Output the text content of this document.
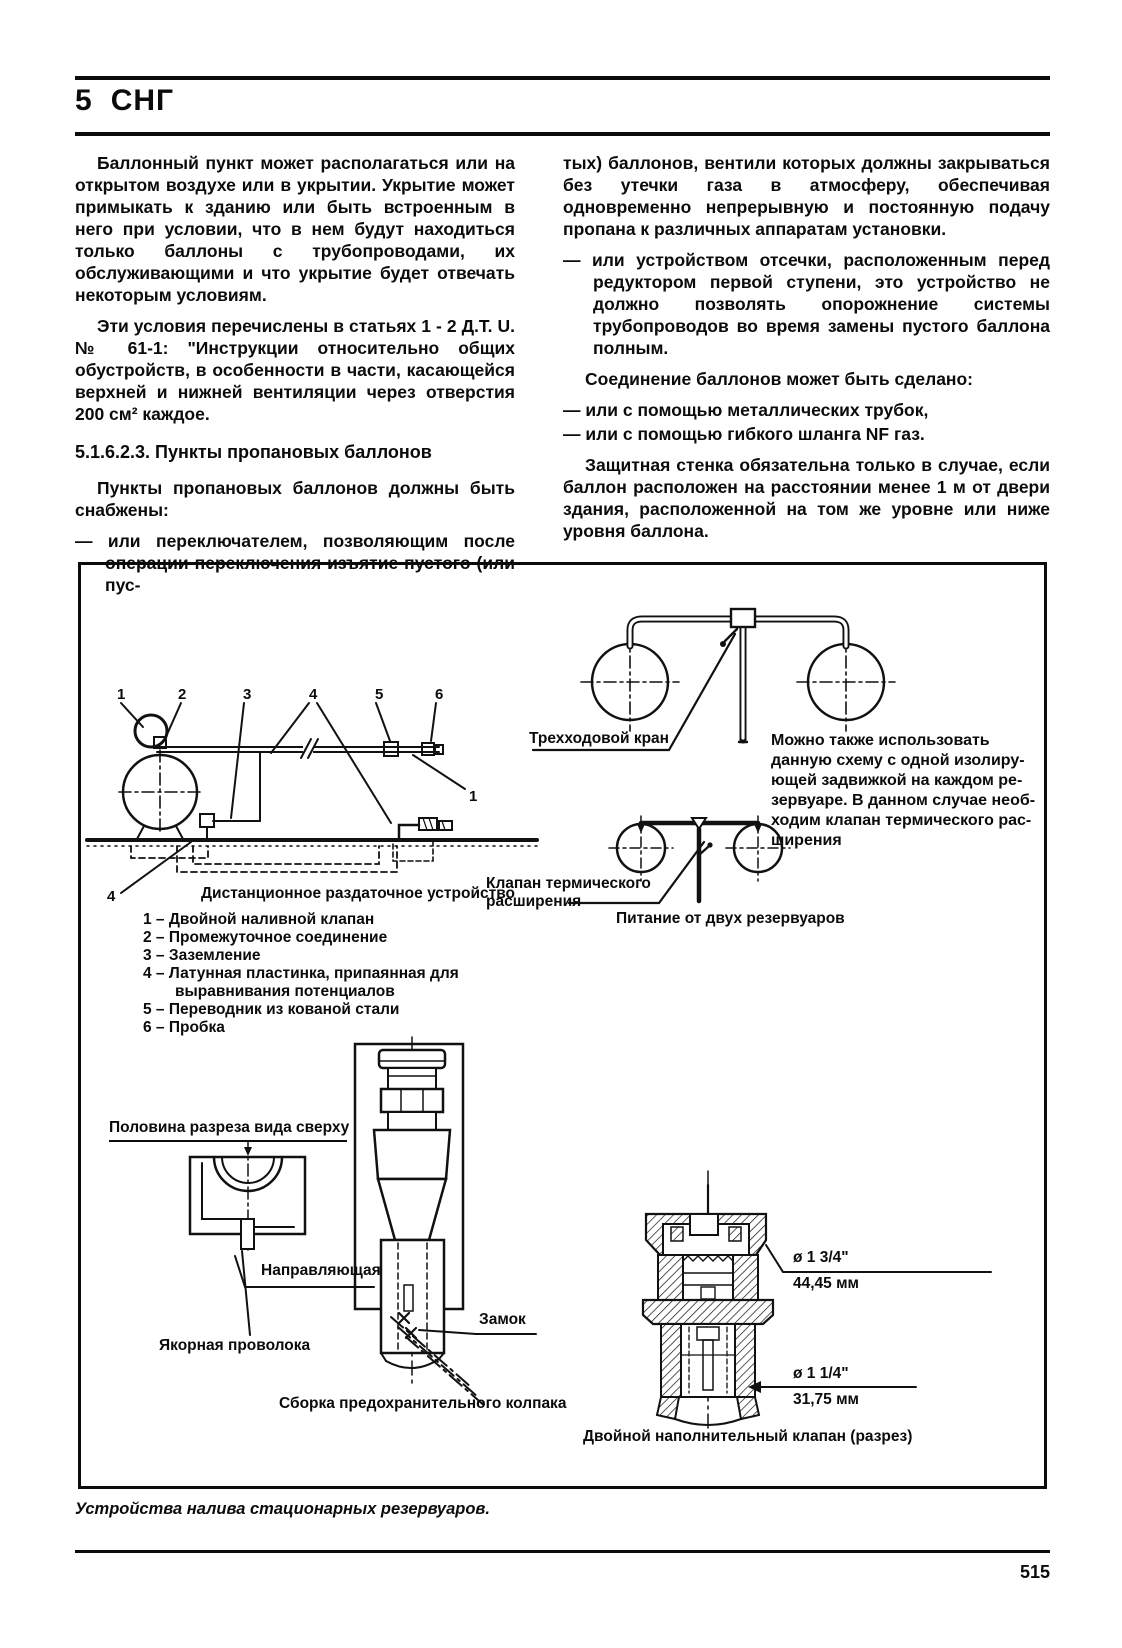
5 СНГ

Баллонный пункт может располагаться или на открытом воздухе или в укрытии. Укрытие может примыкать к зданию или быть встроенным в него при условии, что в нем будут находиться только баллоны с трубопроводами, их обслуживающими и что укрытие будет отвечать некоторым условиям.

Эти условия перечислены в статьях 1 - 2 Д.Т. U. № 61-1: "Инструкции относительно общих обустройств, в особенности в части, касающейся верхней и нижней вентиляции через отверстия 200 см² каждое.

5.1.6.2.3. Пункты пропановых баллонов

Пункты пропановых баллонов должны быть снабжены:

— или переключателем, позволяющим после операции переключения изъятие пустого (или пус-

тых) баллонов, вентили которых должны закрываться без утечки газа в атмосферу, обеспечивая одновременно непрерывную и постоянную подачу пропана к различных аппаратам установки.

— или устройством отсечки, расположенным перед редуктором первой ступени, это устройство не должно позволять опорожнение системы трубопроводов во время замены пустого баллона полным.

Соединение баллонов может быть сделано:

— или с помощью металлических трубок,

— или с помощью гибкого шланга NF газ.

Защитная стенка обязательна только в случае, если баллон расположен на расстоянии менее 1 м от двери здания, расположенной на том же уровне или ниже уровня баллона.

1	2	3	4	5	6
1
4	Дистанционное раздаточное устройство
1 – Двойной наливной клапан
2 – Промежуточное соединение
3 – Заземление
4 – Латунная пластинка, припаянная для выравнивания потенциалов
5 – Переводник из кованой стали
6 – Пробка
Трехходовой кран	Можно также использовать
данную схему с одной изолиру-
ющей задвижкой на каждом ре-
зервуаре. В данном случае необ-
ходим клапан термического рас-
ширения
Клапан термического расширения
Питание от двух резервуаров
Половина разреза вида сверху
Направляющая
Замок
Якорная проволока
Сборка предохранительного колпака
ø 1 3/4"
44,45 мм
ø 1 1/4"
31,75 мм
Двойной наполнительный клапан (разрез)
Устройства налива стационарных резервуаров.
515
